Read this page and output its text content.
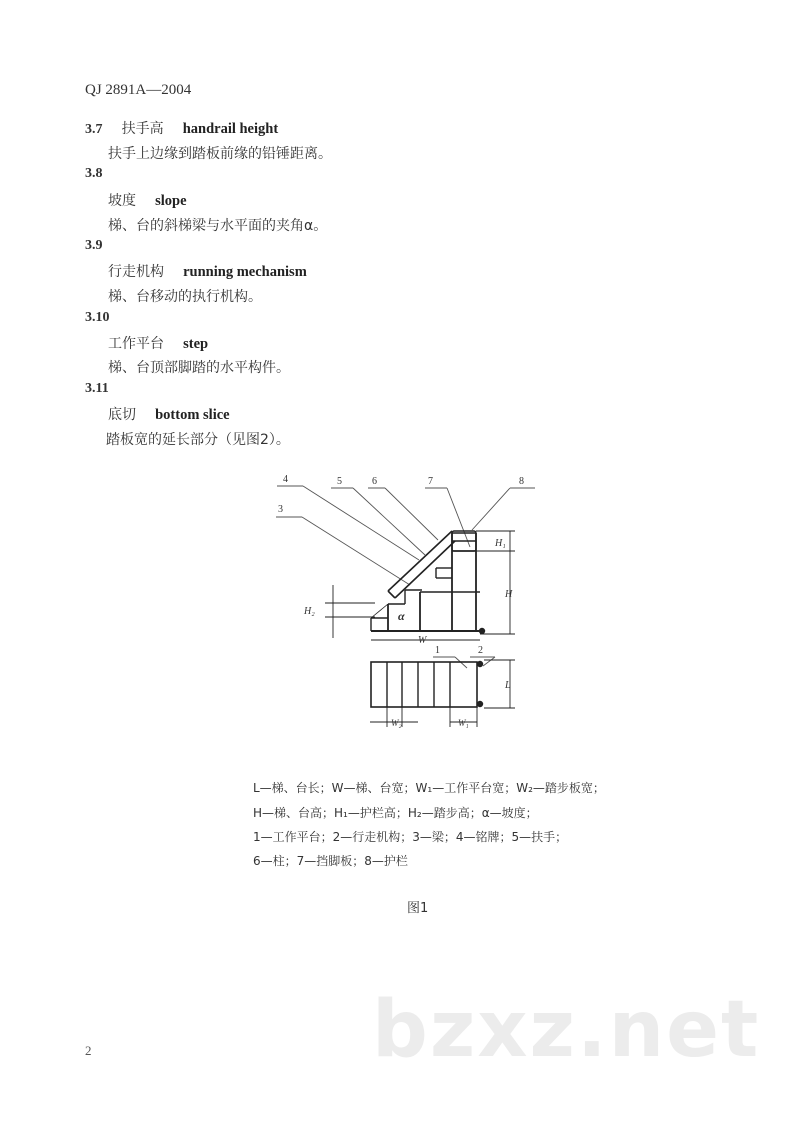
QJ 2891A—2004
3.7 扶手高 handrail height
扶手上边缘到踏板前缘的铅锤距离。
3.8
坡度 slope
梯、台的斜梯梁与水平面的夹角α。
3.9
行走机构 running mechanism
梯、台移动的执行机构。
3.10
工作平台 step
梯、台顶部脚踏的水平构件。
3.11
底切 bottom slice
踏板宽的延长部分（见图2）。
4
3
5	6	7	8
1	2
H₁
H
H₂
W
L
W₂	W₁
α
L—梯、台长；W—梯、台宽；W₁—工作平台宽；W₂—踏步板宽；
H—梯、台高；H₁—护栏高；H₂—踏步高；α—坡度；
1—工作平台；2—行走机构；3—梁；4—铭牌；5—扶手；
6—柱；7—挡脚板；8—护栏
图1
bzxz.net
2
